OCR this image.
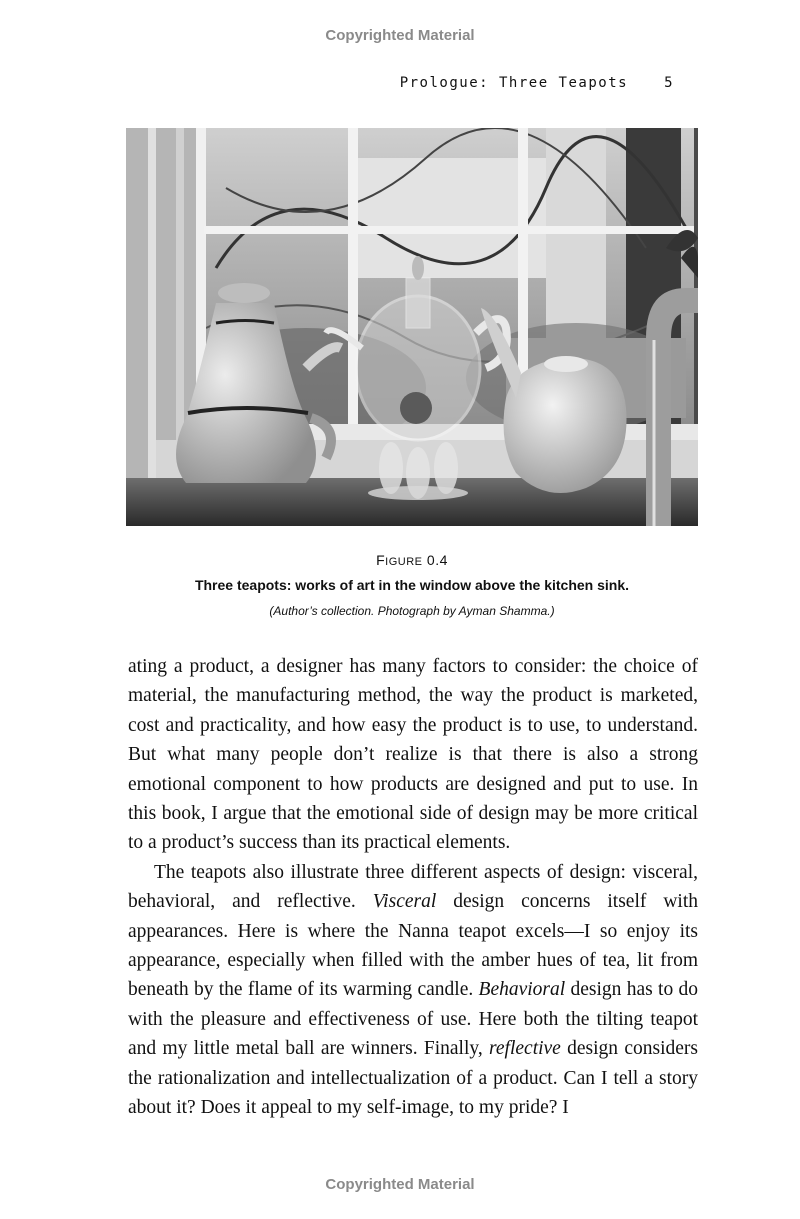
Copyrighted Material
Prologue: Three Teapots	5
FIGURE 0.4
Three teapots: works of art in the window above the kitchen sink.
(Author’s collection. Photograph by Ayman Shamma.)

ating a product, a designer has many factors to consider: the choice of material, the manufacturing method, the way the product is marketed, cost and practicality, and how easy the product is to use, to understand. But what many people don’t realize is that there is also a strong emotional component to how products are designed and put to use. In this book, I argue that the emotional side of design may be more critical to a product’s success than its practical elements.

The teapots also illustrate three different aspects of design: visceral, behavioral, and reflective. Visceral design concerns itself with appearances. Here is where the Nanna teapot excels—I so enjoy its appearance, especially when filled with the amber hues of tea, lit from beneath by the flame of its warming candle. Behavioral design has to do with the pleasure and effectiveness of use. Here both the tilting teapot and my little metal ball are winners. Finally, reflective design considers the rationalization and intellectualization of a product. Can I tell a story about it? Does it appeal to my self-image, to my pride? I

Copyrighted Material
